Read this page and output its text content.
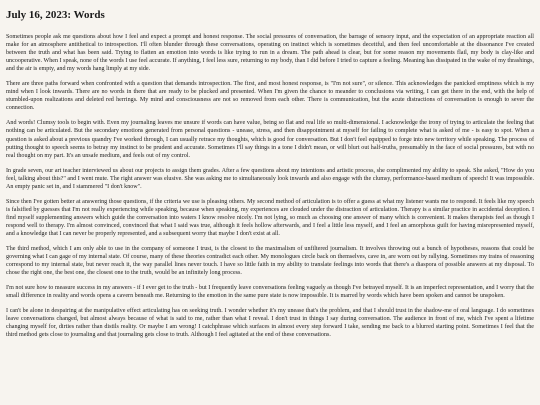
July 16, 2023: Words

Sometimes people ask me questions about how I feel and expect a prompt and honest response. The social pressures of conversation, the barrage of sensory input, and the expectation of an appropriate reaction all make for an atmosphere antithetical to introspection. I'll often blunder through these conversations, operating on instinct which is sometimes deceitful, and then feel uncomfortable at the dissonance I've created between the truth and what has been said. Trying to flatten an emotion into words is like trying to run in a dream. The path ahead is clear, but for some reason my movements flail, my body is clay-like and uncooperative. When I speak, none of the words I use feel accurate. If anything, I feel less sure, returning to my body, than I did before I tried to capture a feeling. Meaning has dissipated in the wake of my thrashings, and the air is empty, and my words hang limply at my side.

There are three paths forward when confronted with a question that demands introspection. The first, and most honest response, is "I'm not sure", or silence. This acknowledges the panicked emptiness which is my mind when I look inwards. There are no words in there that are ready to be plucked and presented. When I'm given the chance to meander to conclusions via writing, I can get there in the end, with the help of stumbled-upon realizations and deleted red herrings. My mind and consciousness are not so removed from each other. There is communication, but the acute distractions of conversation is enough to sever the connection.

And words! Clumsy tools to begin with. Even my journaling leaves me unsure if words can have value, being so flat and real life so multi-dimensional. I acknowledge the irony of trying to articulate the feeling that nothing can be articulated. But the secondary emotions generated from personal questions - unease, stress, and then disappointment at myself for failing to complete what is asked of me - is easy to spot. When a question is asked about a previous quandry I've worked through, I can usually retrace my thoughts, which is good for conversation. But I don't feel equipped to forge into new territory while speaking. The process of putting thought to speech seems to betray my instinct to be prudent and accurate. Sometimes I'll say things in a tone I didn't mean, or will blurt out half-truths, presumably in the face of social pressures, but with no real thought on my part. It's an unsafe medium, and feels out of my control.

In grade seven, our art teacher interviewed us about our projects to assign them grades. After a few questions about my intentions and artistic process, she complimented my ability to speak. She asked, "How do you feel, talking about this?" and I went mute. The right answer was elusive. She was asking me to simultaneously look inwards and also engage with the clumsy, performance-based medium of speech! It was impossible. An empty panic set in, and I stammered "I don't know".

Since then I've gotten better at answering those questions, if the criteria we use is pleasing others. My second method of articulation is to offer a guess at what my listener wants me to respond. It feels like my speech is falsified by guesses that I'm not really experiencing while speaking, because when speaking, my experiences are clouded under the distraction of articulation. Therapy is a similar practice in accidental deception. I find myself supplementing answers which guide the conversation into waters I know resolve nicely. I'm not lying, so much as choosing one answer of many which is convenient. It makes therapists feel as though I respond well to therapy. I'm almost convinced, convinced that what I said was true, although it feels hollow afterwards, and I feel a little less myself, and I feel an amorphous guilt for having misrepresented myself, and a knowledge that I can never be properly represented, and a subsequent worry that maybe I don't exist at all.

The third method, which I am only able to use in the company of someone I trust, is the closest to the maximalism of unfiltered journalism. It involves throwing out a bunch of hypotheses, reasons that could be governing what I can gage of my internal state. Of course, many of these theories contradict each other. My monologues circle back on themselves, cave in, are worn out by rallying. Sometimes my trains of reasoning correspond to my internal state, but never reach it, the way parallel lines never touch. I have so little faith in my ability to translate feelings into words that there's a diaspora of possible answers at my disposal. To chose the right one, the best one, the closest one to the truth, would be an infinitely long process.

I'm not sure how to measure success in my answers - if I ever get to the truth - but I frequently leave conversations feeling vaguely as though I've betrayed myself. It is an imperfect representation, and I worry that the small difference in reality and words opens a cavern beneath me. Returning to the emotion in the same pure state is now impossible. It is marred by words which have been spoken and cannot be unspoken.

I can't be alone in despairing at the manipulative effect articulating has on seeking truth. I wonder whether it's my unease that's the problem, and that I should trust in the shadow-me of oral language. I do sometimes leave conversations changed, but almost always because of what is said to me, rather than what I reveal. I don't trust in things I say during conversation. The audience in front of me, which I've spent a lifetime changing myself for, dirties rather than distils reality. Or maybe I am wrong! I catchphrase which surfaces in almost every step forward I take, sending me back to a blurred starting point. Sometimes I feel that the third method gets close to journaling and that journaling gets close to truth. Although I feel agitated at the end of these conversations.
